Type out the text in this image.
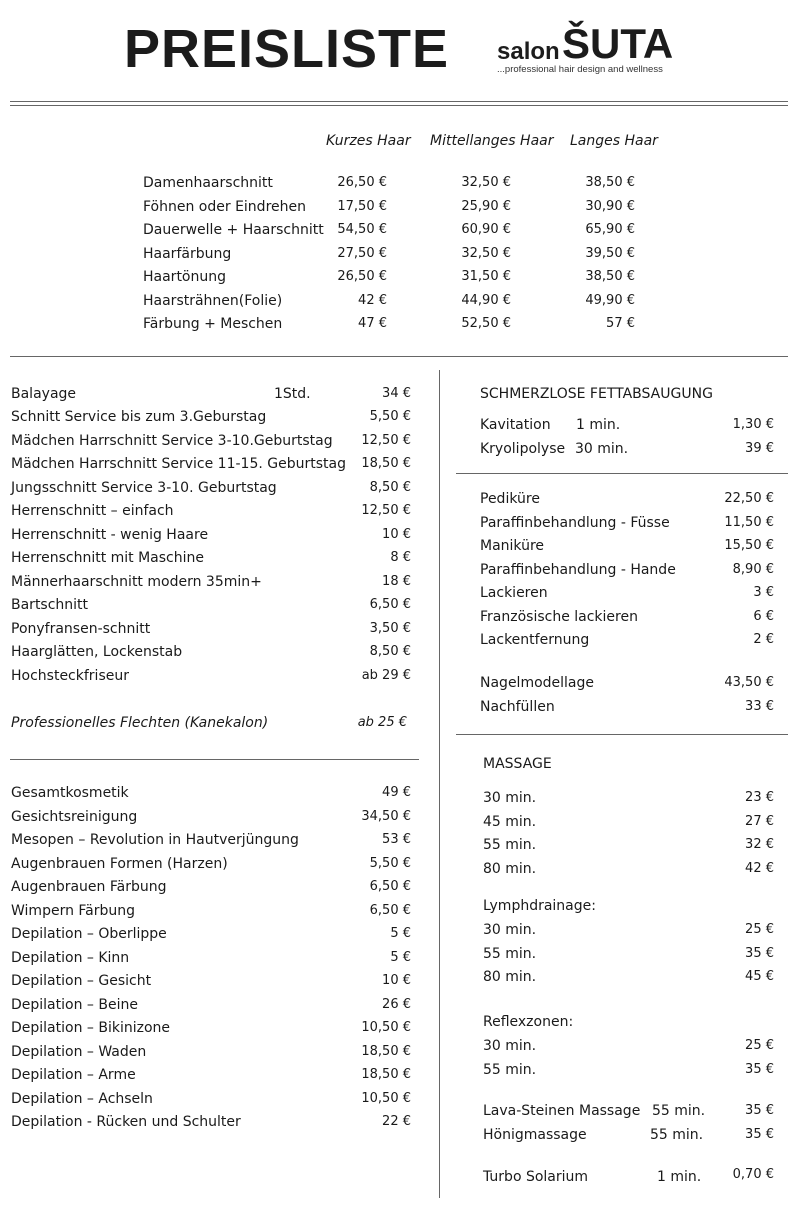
PREISLISTE salon ŠUTA
...professional hair design and wellness
Kurzes Haar Mittellanges Haar Langes Haar
Damenhaarschnitt	26,50 €	32,50 €	38,50 €
Föhnen oder Eindrehen 17,50 €	25,90 €	30,90 €
Dauerwelle + Haarschnitt 54,50 €	60,90 €	65,90 €
Haarfärbung	27,50 €	32,50 €	39,50 €
Haartönung	26,50 €	31,50 €	38,50 €
Haarsträhnen(Folie)	42 €	44,90 €	49,90 €
Färbung + Meschen	47 €	52,50 €	57 €
Balayage	1Std.	34 €
Schnitt Service bis zum 3.Geburstag	5,50 €
Mädchen Harrschnitt Service 3-10.Geburtstag 12,50 €
Mädchen Harrschnitt Service 11-15. Geburtstag 18,50 €
Jungsschnitt Service 3-10. Geburtstag	8,50 €
Herrenschnitt – einfach	12,50 €
Herrenschnitt - wenig Haare	10 €
Herrenschnitt mit Maschine	8 €
Männerhaarschnitt modern 35min+	18 €
Bartschnitt	6,50 €
Ponyfransen-schnitt	3,50 €
Haarglätten, Lockenstab	8,50 €
Hochsteckfriseur	ab 29 €
Professionelles Flechten (Kanekalon)	ab 25 €
Gesamtkosmetik	49 €
Gesichtsreinigung	34,50 €
Mesopen – Revolution in Hautverjüngung	53 €
Augenbrauen Formen (Harzen)	5,50 €
Augenbrauen Färbung	6,50 €
Wimpern Färbung	6,50 €
Depilation – Oberlippe	5 €
Depilation – Kinn	5 €
Depilation – Gesicht	10 €
Depilation – Beine	26 €
Depilation – Bikinizone	10,50 €
Depilation – Waden	18,50 €
Depilation – Arme	18,50 €
Depilation – Achseln	10,50 €
Depilation - Rücken und Schulter	22 €
SCHMERZLOSE FETTABSAUGUNG
Kavitation 1 min.	1,30 €
Kryolipolyse 30 min.	39 €
Pediküre	22,50 €
Paraffinbehandlung - Füsse	11,50 €
Maniküre	15,50 €
Paraffinbehandlung - Hande	8,90 €
Lackieren	3 €
Französische lackieren	6 €
Lackentfernung	2 €
Nagelmodellage	43,50 €
Nachfüllen	33 €
MASSAGE
30 min.	23 €
45 min.	27 €
55 min.	32 €
80 min.	42 €
Lymphdrainage:
30 min.	25 €
55 min.	35 €
80 min.	45 €
Reflexzonen:
30 min.	25 €
55 min.	35 €
Lava-Steinen Massage 55 min.	35 €
Hönigmassage	55 min.	35 €
Turbo Solarium	1 min. 0,70 €
